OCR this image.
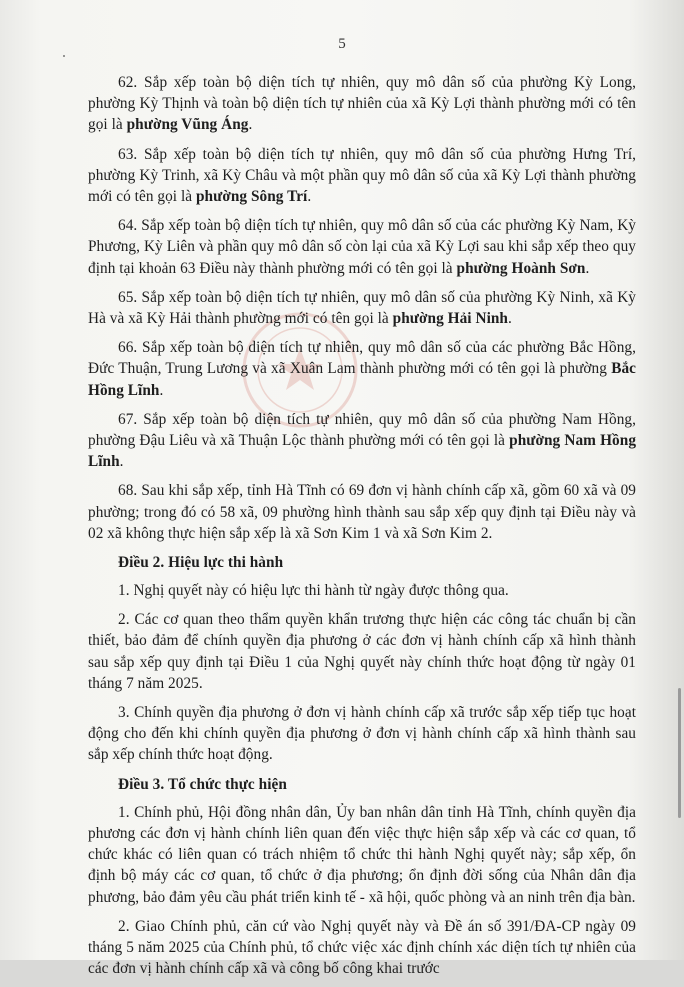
5

62. Sắp xếp toàn bộ diện tích tự nhiên, quy mô dân số của phường Kỳ Long, phường Kỳ Thịnh và toàn bộ diện tích tự nhiên của xã Kỳ Lợi thành phường mới có tên gọi là phường Vũng Áng.

63. Sắp xếp toàn bộ diện tích tự nhiên, quy mô dân số của phường Hưng Trí, phường Kỳ Trinh, xã Kỳ Châu và một phần quy mô dân số của xã Kỳ Lợi thành phường mới có tên gọi là phường Sông Trí.

64. Sắp xếp toàn bộ diện tích tự nhiên, quy mô dân số của các phường Kỳ Nam, Kỳ Phương, Kỳ Liên và phần quy mô dân số còn lại của xã Kỳ Lợi sau khi sắp xếp theo quy định tại khoản 63 Điều này thành phường mới có tên gọi là phường Hoành Sơn.

65. Sắp xếp toàn bộ diện tích tự nhiên, quy mô dân số của phường Kỳ Ninh, xã Kỳ Hà và xã Kỳ Hải thành phường mới có tên gọi là phường Hải Ninh.

66. Sắp xếp toàn bộ diện tích tự nhiên, quy mô dân số của các phường Bắc Hồng, Đức Thuận, Trung Lương và xã Xuân Lam thành phường mới có tên gọi là phường Bắc Hồng Lĩnh.

67. Sắp xếp toàn bộ diện tích tự nhiên, quy mô dân số của phường Nam Hồng, phường Đậu Liêu và xã Thuận Lộc thành phường mới có tên gọi là phường Nam Hồng Lĩnh.

68. Sau khi sắp xếp, tỉnh Hà Tĩnh có 69 đơn vị hành chính cấp xã, gồm 60 xã và 09 phường; trong đó có 58 xã, 09 phường hình thành sau sắp xếp quy định tại Điều này và 02 xã không thực hiện sắp xếp là xã Sơn Kim 1 và xã Sơn Kim 2.

Điều 2. Hiệu lực thi hành

1. Nghị quyết này có hiệu lực thi hành từ ngày được thông qua.

2. Các cơ quan theo thẩm quyền khẩn trương thực hiện các công tác chuẩn bị cần thiết, bảo đảm để chính quyền địa phương ở các đơn vị hành chính cấp xã hình thành sau sắp xếp quy định tại Điều 1 của Nghị quyết này chính thức hoạt động từ ngày 01 tháng 7 năm 2025.

3. Chính quyền địa phương ở đơn vị hành chính cấp xã trước sắp xếp tiếp tục hoạt động cho đến khi chính quyền địa phương ở đơn vị hành chính cấp xã hình thành sau sắp xếp chính thức hoạt động.

Điều 3. Tổ chức thực hiện

1. Chính phủ, Hội đồng nhân dân, Ủy ban nhân dân tỉnh Hà Tĩnh, chính quyền địa phương các đơn vị hành chính liên quan đến việc thực hiện sắp xếp và các cơ quan, tổ chức khác có liên quan có trách nhiệm tổ chức thi hành Nghị quyết này; sắp xếp, ổn định bộ máy các cơ quan, tổ chức ở địa phương; ổn định đời sống của Nhân dân địa phương, bảo đảm yêu cầu phát triển kinh tế - xã hội, quốc phòng và an ninh trên địa bàn.

2. Giao Chính phủ, căn cứ vào Nghị quyết này và Đề án số 391/ĐA-CP ngày 09 tháng 5 năm 2025 của Chính phủ, tổ chức việc xác định chính xác diện tích tự nhiên của các đơn vị hành chính cấp xã và công bố công khai trước
